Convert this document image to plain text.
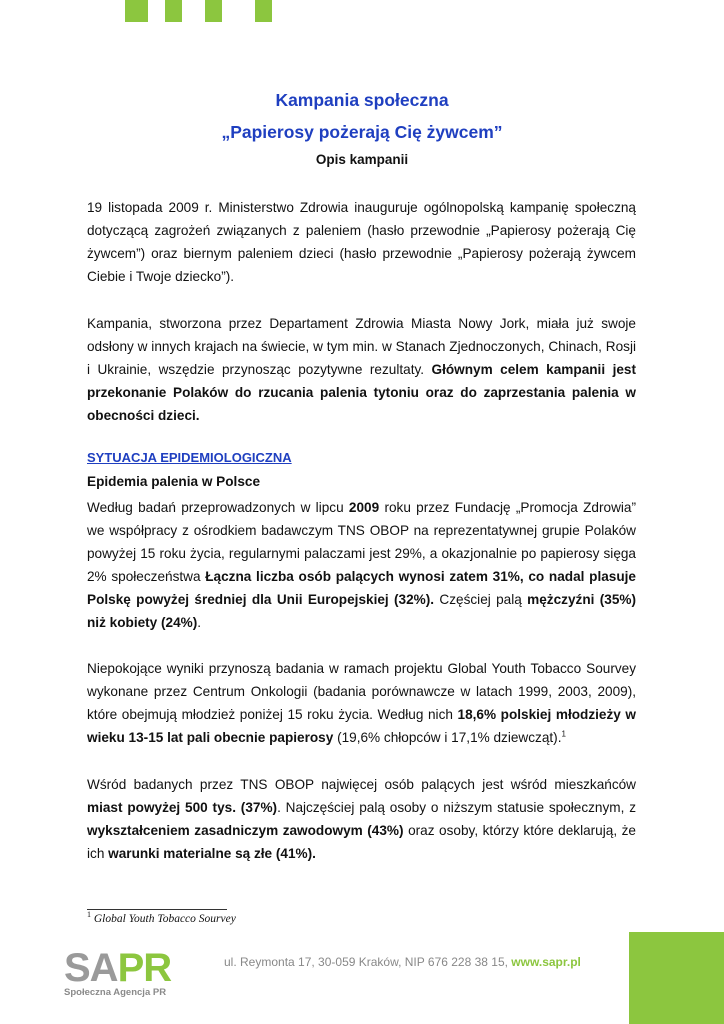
Kampania społeczna
„Papierosy pożerają Cię żywcem”
Opis kampanii
19 listopada 2009 r. Ministerstwo Zdrowia inauguruje ogólnopolską kampanię społeczną dotyczącą zagrożeń związanych z paleniem (hasło przewodnie „Papierosy pożerają Cię żywcem”) oraz biernym paleniem dzieci (hasło przewodnie „Papierosy pożerają żywcem Ciebie i Twoje dziecko”).
Kampania, stworzona przez Departament Zdrowia Miasta Nowy Jork, miała już swoje odsłony w innych krajach na świecie, w tym min. w Stanach Zjednoczonych, Chinach, Rosji i Ukrainie, wszędzie przynosząc pozytywne rezultaty. Głównym celem kampanii jest przekonanie Polaków do rzucania palenia tytoniu oraz do zaprzestania palenia w obecności dzieci.
SYTUACJA EPIDEMIOLOGICZNA
Epidemia palenia w Polsce
Według badań przeprowadzonych w lipcu 2009 roku przez Fundację „Promocja Zdrowia” we współpracy z ośrodkiem badawczym TNS OBOP na reprezentatywnej grupie Polaków powyżej 15 roku życia, regularnymi palaczami jest 29%, a okazjonalnie po papierosy sięga 2% społeczeństwa Łączna liczba osób palących wynosi zatem 31%, co nadal plasuje Polskę powyżej średniej dla Unii Europejskiej (32%). Częściej palą mężczyźni (35%) niż kobiety (24%).
Niepokojące wyniki przynoszą badania w ramach projektu Global Youth Tobacco Sourvey wykonane przez Centrum Onkologii (badania porównawcze w latach 1999, 2003, 2009), które obejmują młodzież poniżej 15 roku życia. Według nich 18,6% polskiej młodzieży w wieku 13-15 lat pali obecnie papierosy (19,6% chłopców i 17,1% dziewcząt).$^1$
Wśród badanych przez TNS OBOP najwięcej osób palących jest wśród mieszkańców miast powyżej 500 tys. (37%). Najczęściej palą osoby o niższym statusie społecznym, z wykształceniem zasadniczym zawodowym (43%) oraz osoby, którzy które deklarują, że ich warunki materialne są złe (41%).
$^1$ Global Youth Tobacco Sourvey
SAPR
Społeczna Agencja PR
ul. Reymonta 17, 30-059 Kraków, NIP 676 228 38 15, www.sapr.pl
